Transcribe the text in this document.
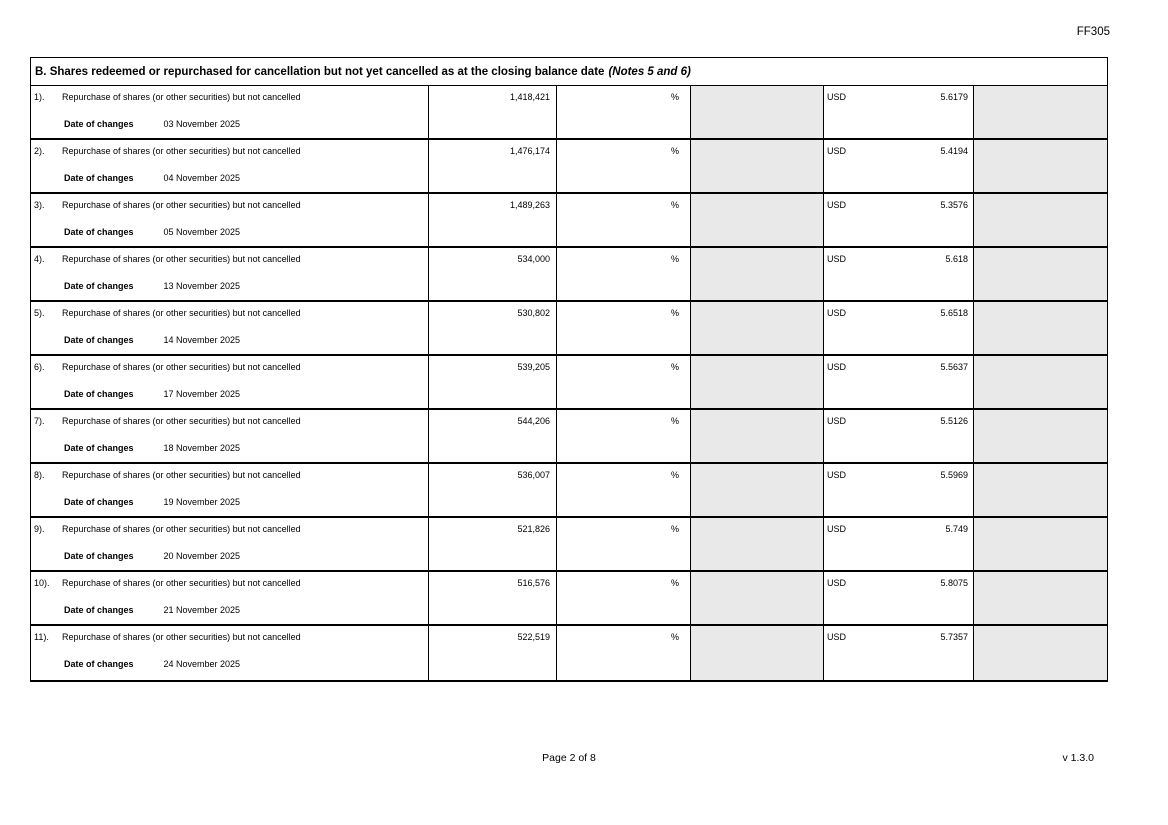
FF305
B. Shares redeemed or repurchased for cancellation but not yet cancelled as at the closing balance date (Notes 5 and 6)
1). Repurchase of shares (or other securities) but not cancelled
Date of changes	03 November 2025
1,418,421	%	USD	5.6179
2). Repurchase of shares (or other securities) but not cancelled
Date of changes	04 November 2025
1,476,174	%	USD	5.4194
3). Repurchase of shares (or other securities) but not cancelled
Date of changes	05 November 2025
1,489,263	%	USD	5.3576
4). Repurchase of shares (or other securities) but not cancelled
Date of changes	13 November 2025
534,000	%	USD	5.618
5). Repurchase of shares (or other securities) but not cancelled
Date of changes	14 November 2025
530,802	%	USD	5.6518
6). Repurchase of shares (or other securities) but not cancelled
Date of changes	17 November 2025
539,205	%	USD	5.5637
7). Repurchase of shares (or other securities) but not cancelled
Date of changes	18 November 2025
544,206	%	USD	5.5126
8). Repurchase of shares (or other securities) but not cancelled
Date of changes	19 November 2025
536,007	%	USD	5.5969
9). Repurchase of shares (or other securities) but not cancelled
Date of changes	20 November 2025
521,826	%	USD	5.749
10). Repurchase of shares (or other securities) but not cancelled
Date of changes	21 November 2025
516,576	%	USD	5.8075
11). Repurchase of shares (or other securities) but not cancelled
Date of changes	24 November 2025
522,519	%	USD	5.7357
Page 2 of 8	v 1.3.0
